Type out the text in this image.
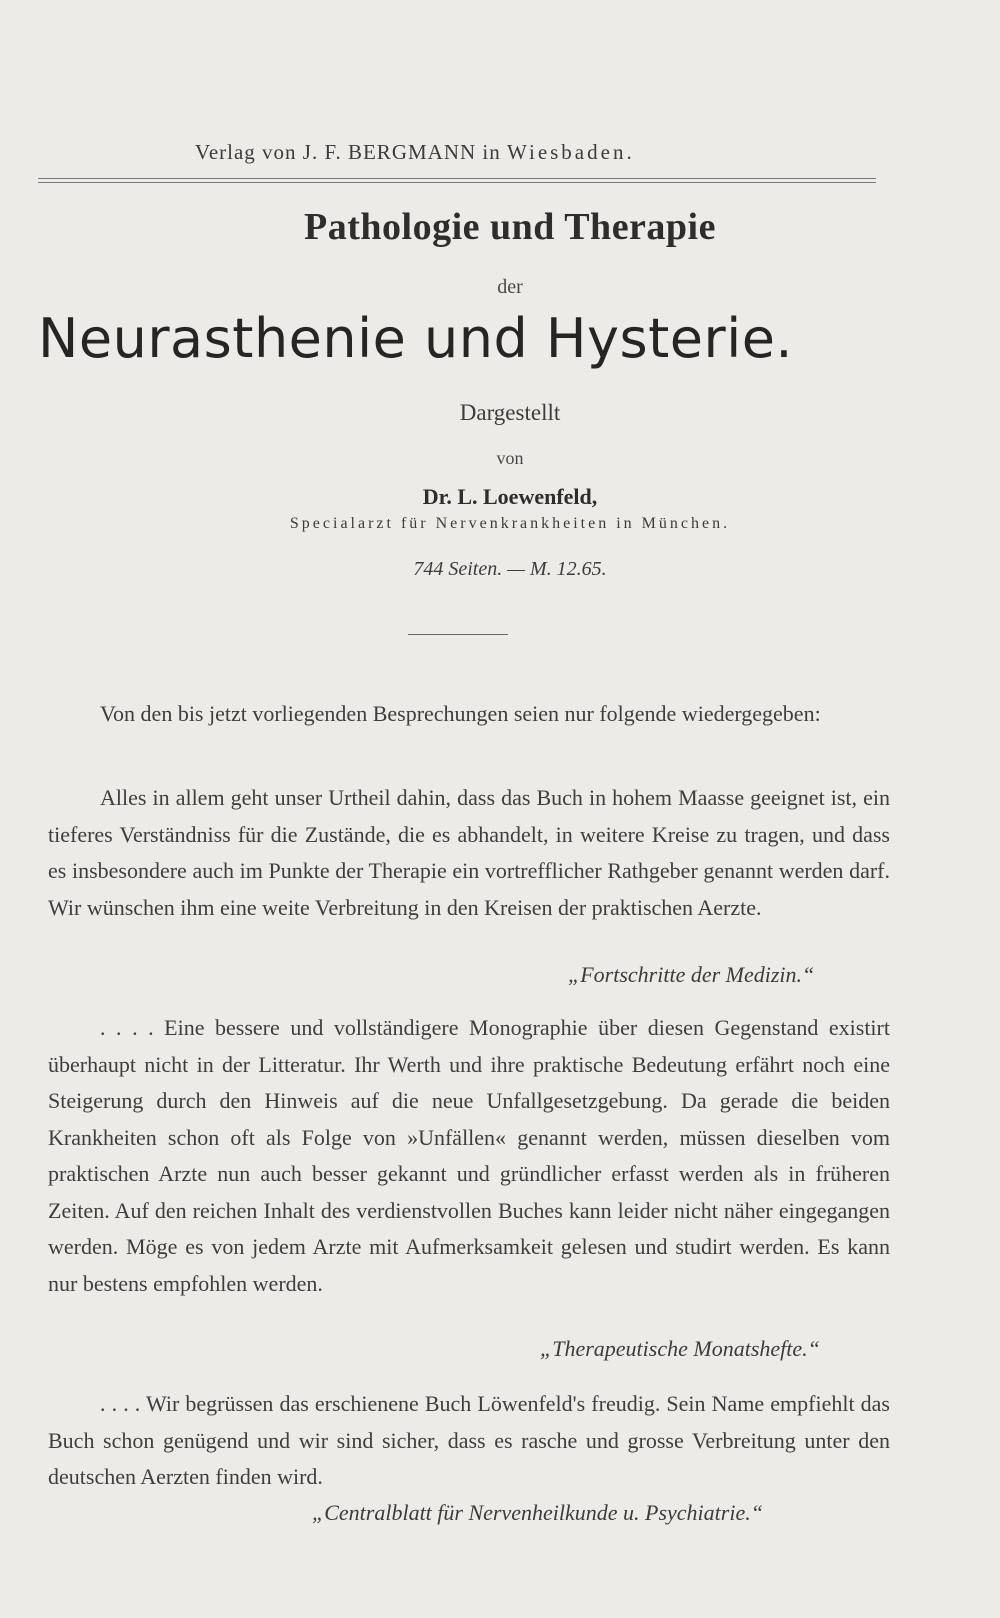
Verlag von J. F. BERGMANN in Wiesbaden.
Pathologie und Therapie
der
Neurasthenie und Hysterie.
Dargestellt
von
Dr. L. Loewenfeld,
Specialarzt für Nervenkrankheiten in München.
744 Seiten. — M. 12.65.
Von den bis jetzt vorliegenden Besprechungen seien nur folgende wiedergegeben:
Alles in allem geht unser Urtheil dahin, dass das Buch in hohem Maasse geeignet ist, ein tieferes Verständniss für die Zustände, die es abhandelt, in weitere Kreise zu tragen, und dass es insbesondere auch im Punkte der Therapie ein vortrefflicher Rathgeber genannt werden darf. Wir wünschen ihm eine weite Verbreitung in den Kreisen der praktischen Aerzte.
„Fortschritte der Medizin.“
. . . . Eine bessere und vollständigere Monographie über diesen Gegenstand existirt überhaupt nicht in der Litteratur. Ihr Werth und ihre praktische Bedeutung erfährt noch eine Steigerung durch den Hinweis auf die neue Unfallgesetzgebung. Da gerade die beiden Krankheiten schon oft als Folge von »Unfällen« genannt werden, müssen dieselben vom praktischen Arzte nun auch besser gekannt und gründlicher erfasst werden als in früheren Zeiten. Auf den reichen Inhalt des verdienstvollen Buches kann leider nicht näher eingegangen werden. Möge es von jedem Arzte mit Aufmerksamkeit gelesen und studirt werden. Es kann nur bestens empfohlen werden.
„Therapeutische Monatshefte.“
. . . . Wir begrüssen das erschienene Buch Löwenfeld's freudig. Sein Name empfiehlt das Buch schon genügend und wir sind sicher, dass es rasche und grosse Verbreitung unter den deutschen Aerzten finden wird.
„Centralblatt für Nervenheilkunde u. Psychiatrie.“
